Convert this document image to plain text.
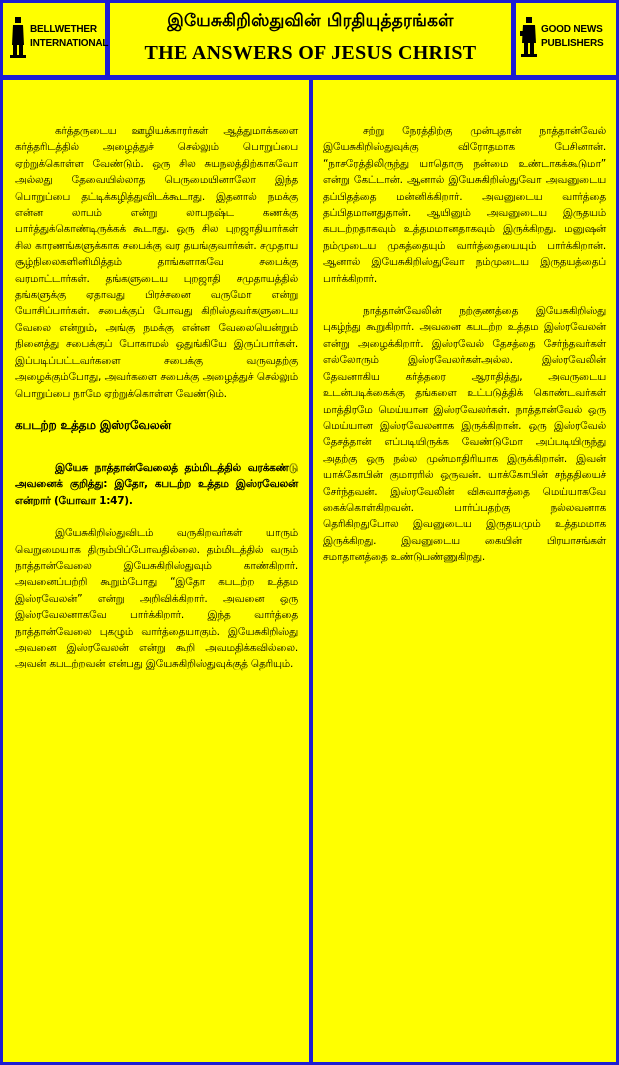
BELLWETHER
INTERNATIONAL
இயேசுகிறிஸ்துவின் பிரதியுத்தரங்கள்
THE ANSWERS OF JESUS CHRIST
GOOD NEWS
PUBLISHERS

கர்த்தருடைய ஊழியக்காரர்கள் ஆத்துமாக்களை கர்த்தரிடத்தில் அழைத்துச் செல்லும் பொறுப்பை ஏற்றுக்கொள்ள வேண்டும். ஒரு சில சுயநலத்திற்காகவோ அல்லது தேவையில்லாத பெருமையினாலோ இந்த பொறுப்பை தட்டிக்கழித்துவிடக்கூடாது. இதனால் நமக்கு என்ன லாபம் என்று லாபநஷ்ட கணக்கு பார்த்துக்கொண்டிருக்கக் கூடாது. ஒரு சில புறஜாதியார்கள் சில காரணங்களுக்காக சபைக்கு வர தயங்குவார்கள். சமுதாய சூழ்நிலைகளினிமித்தம் தாங்களாகவே சபைக்கு வரமாட்டார்கள். தங்களுடைய புறஜாதி சமுதாயத்தில் தங்களுக்கு ஏதாவது பிரச்சனை வருமோ என்று யோசிப்பார்கள். சபைக்குப் போவது கிறிஸ்தவர்களுடைய வேலை என்றும், அங்கு நமக்கு என்ன வேலையென்றும் நினைத்து சபைக்குப் போகாமல் ஒதுங்கியே இருப்பார்கள். இப்படிப்பட்டவர்களை சபைக்கு வருவதற்கு அழைக்கும்போது, அவர்களை சபைக்கு அழைத்துச் செல்லும் பொறுப்பை நாமே ஏற்றுக்கொள்ள வேண்டும்.

கபடற்ற உத்தம இஸ்ரவேலன்

இயேசு நாத்தான்வேலைத் தம்மிடத்தில் வரக்கண்டு அவனைக் குறித்து: இதோ, கபடற்ற உத்தம இஸ்ரவேலன் என்றார் (யோவா 1:47).

இயேசுகிறிஸ்துவிடம் வருகிறவர்கள் யாரும் வெறுமையாக திரும்பிப்போவதில்லை. தம்மிடத்தில் வரும் நாத்தான்வேலை இயேசுகிறிஸ்துவும் காண்கிறார். அவனைப்பற்றி கூறும்போது “இதோ கபடற்ற உத்தம இஸ்ரவேலன்” என்று அறிவிக்கிறார். அவனை ஒரு இஸ்ரவேலனாகவே பார்க்கிறார். இந்த வார்த்தை நாத்தான்வேலை புகழும் வார்த்தையாகும். இயேசுகிறிஸ்து அவனை இஸ்ரவேலன் என்று கூறி அவமதிக்கவில்லை. அவன் கபடற்றவன் என்பது இயேசுகிறிஸ்துவுக்குத் தெரியும்.

சற்று நேரத்திற்கு முன்புதான் நாத்தான்வேல் இயேசுகிறிஸ்துவுக்கு விரோதமாக பேசினான். “நாசரேத்திலிருந்து யாதொரு நன்மை உண்டாகக்கூடுமா” என்று கேட்டான். ஆனால் இயேசுகிறிஸ்துவோ அவனுடைய தப்பிதத்தை மன்னிக்கிறார். அவனுடைய வார்த்தை தப்பிதமானதுதான். ஆயினும் அவனுடைய இருதயம் கபடற்றதாகவும் உத்தமமானதாகவும் இருக்கிறது. மனுஷன் நம்முடைய முகத்தையும் வார்த்தையையும் பார்க்கிறான். ஆனால் இயேசுகிறிஸ்துவோ நம்முடைய இருதயத்தைப் பார்க்கிறார்.

நாத்தான்வேலின் நற்குணத்தை இயேசுகிறிஸ்து புகழ்ந்து கூறுகிறார். அவனை கபடற்ற உத்தம இஸ்ரவேலன் என்று அழைக்கிறார். இஸ்ரவேல் தேசத்தை சேர்ந்தவர்கள் எல்லோரும் இஸ்ரவேலர்கள்அல்ல. இஸ்ரவேலின் தேவனாகிய கர்த்தரை ஆராதித்து, அவருடைய உடன்படிக்கைக்கு தங்களை உட்படுத்திக் கொண்டவர்கள் மாத்திரமே மெய்யான இஸ்ரவேலர்கள். நாத்தான்வேல் ஒரு மெய்யான இஸ்ரவேலனாக இருக்கிறான். ஒரு இஸ்ரவேல் தேசத்தான் எப்படியிருக்க வேண்டுமோ அப்படியிருந்து அதற்கு ஒரு நல்ல முன்மாதிரியாக இருக்கிறான். இவன் யாக்கோபின் குமாரரில் ஒருவன். யாக்கோபின் சந்ததியைச் சேர்ந்தவன். இஸ்ரவேலின் விசுவாசத்தை மெய்யாகவே கைக்கொள்கிறவன். பார்ப்பதற்கு நல்லவனாக தெரிகிறதுபோல இவனுடைய இருதயமும் உத்தமமாக இருக்கிறது. இவனுடைய கையின் பிரயாசங்கள் சமாதானத்தை உண்டுபண்ணுகிறது.
